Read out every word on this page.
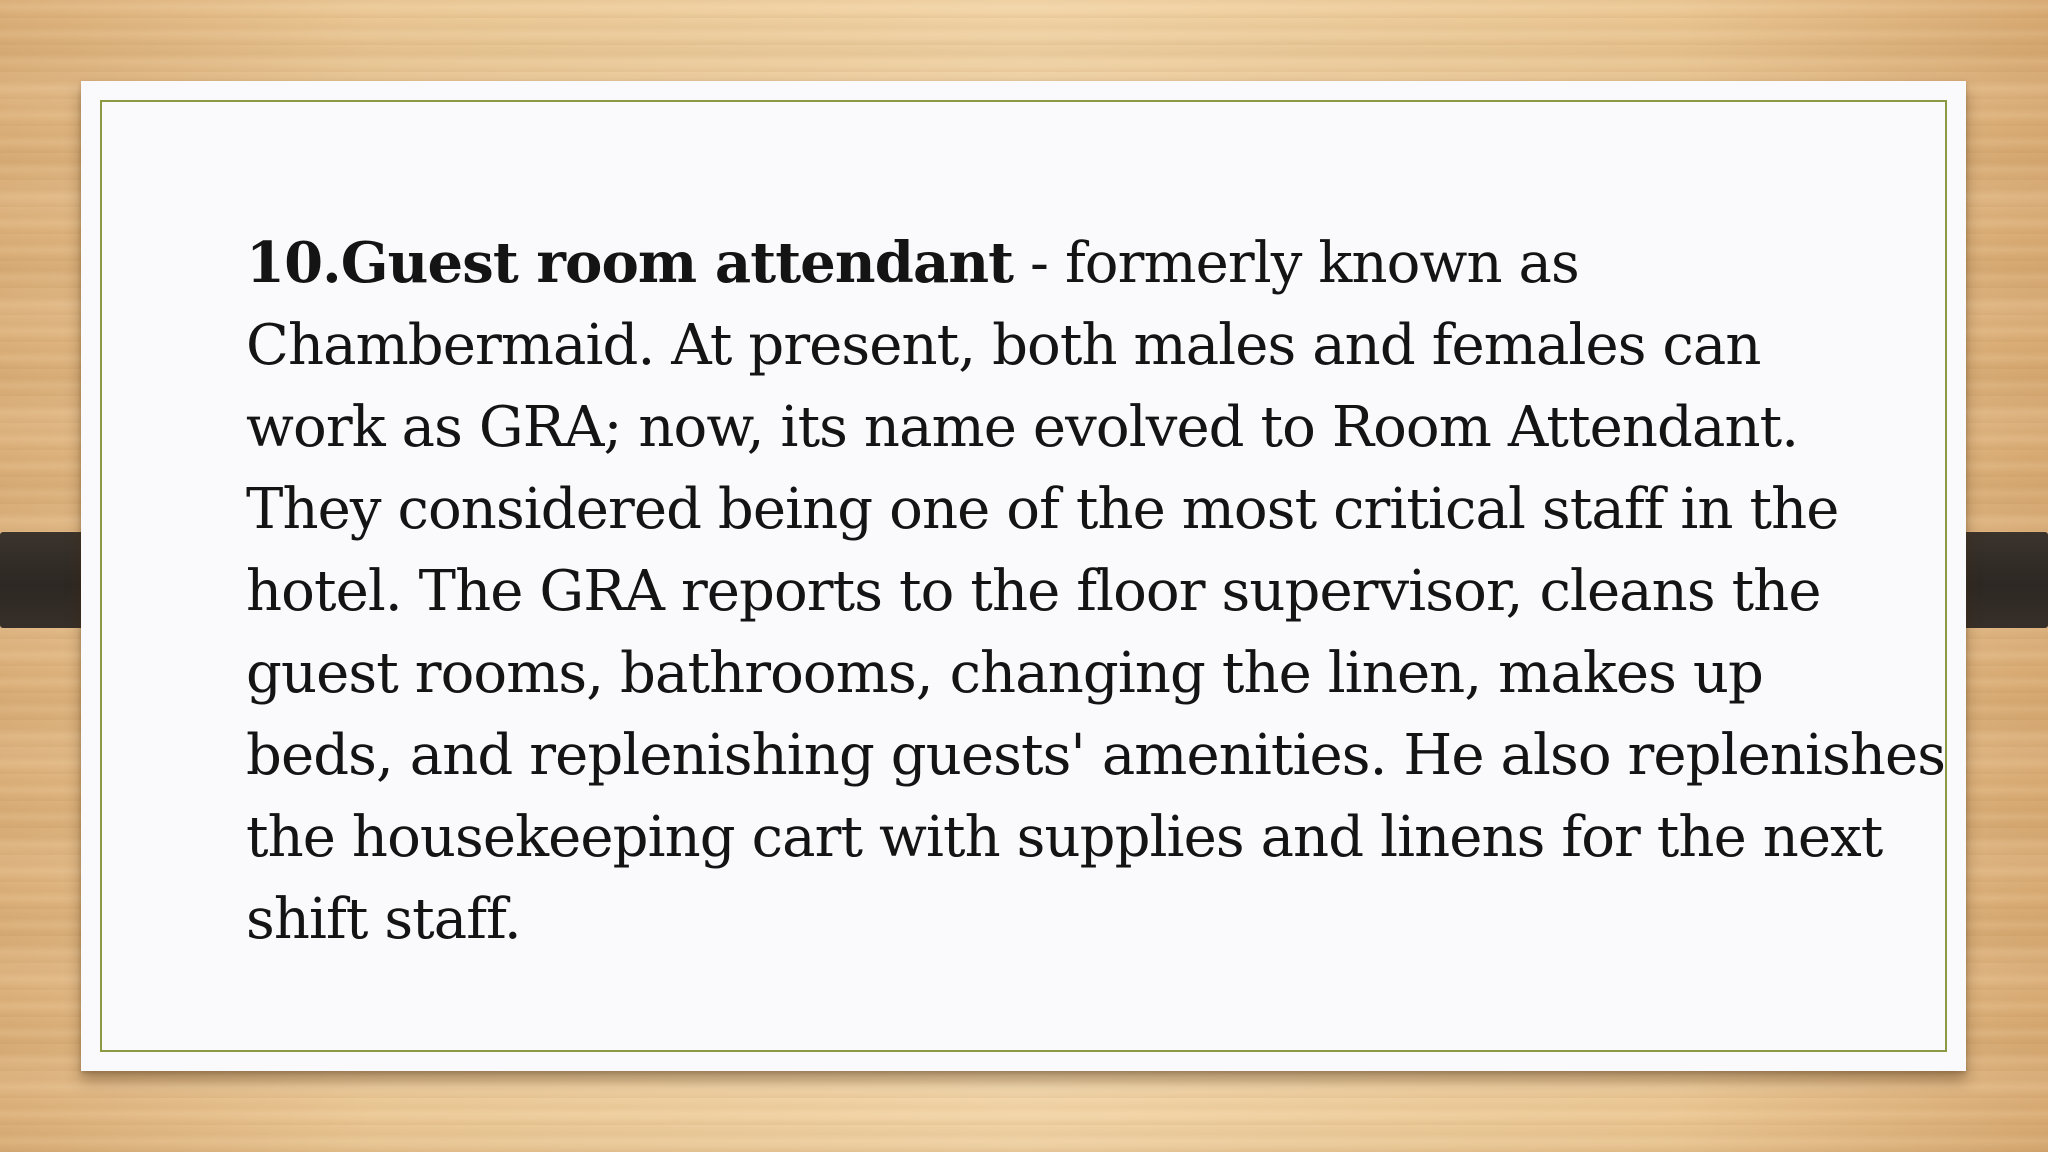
10.Guest room attendant - formerly known as
Chambermaid. At present, both males and females can
work as GRA; now, its name evolved to Room Attendant.
They considered being one of the most critical staff in the
hotel. The GRA reports to the floor supervisor, cleans the
guest rooms, bathrooms, changing the linen, makes up
beds, and replenishing guests' amenities. He also replenishes
the housekeeping cart with supplies and linens for the next
shift staff.
